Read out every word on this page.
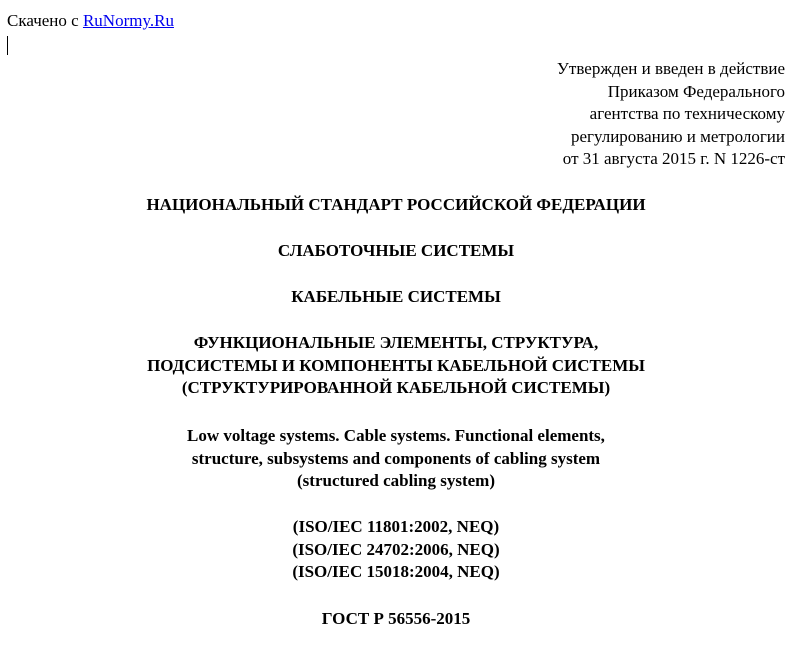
Скачено с RuNormy.Ru
Утвержден и введен в действие
Приказом Федерального
агентства по техническому
регулированию и метрологии
от 31 августа 2015 г. N 1226-ст
НАЦИОНАЛЬНЫЙ СТАНДАРТ РОССИЙСКОЙ ФЕДЕРАЦИИ
СЛАБОТОЧНЫЕ СИСТЕМЫ
КАБЕЛЬНЫЕ СИСТЕМЫ
ФУНКЦИОНАЛЬНЫЕ ЭЛЕМЕНТЫ, СТРУКТУРА,
ПОДСИСТЕМЫ И КОМПОНЕНТЫ КАБЕЛЬНОЙ СИСТЕМЫ
(СТРУКТУРИРОВАННОЙ КАБЕЛЬНОЙ СИСТЕМЫ)
Low voltage systems. Cable systems. Functional elements,
structure, subsystems and components of cabling system
(structured cabling system)
(ISO/IEC 11801:2002, NEQ)
(ISO/IEC 24702:2006, NEQ)
(ISO/IEC 15018:2004, NEQ)
ГОСТ Р 56556-2015
